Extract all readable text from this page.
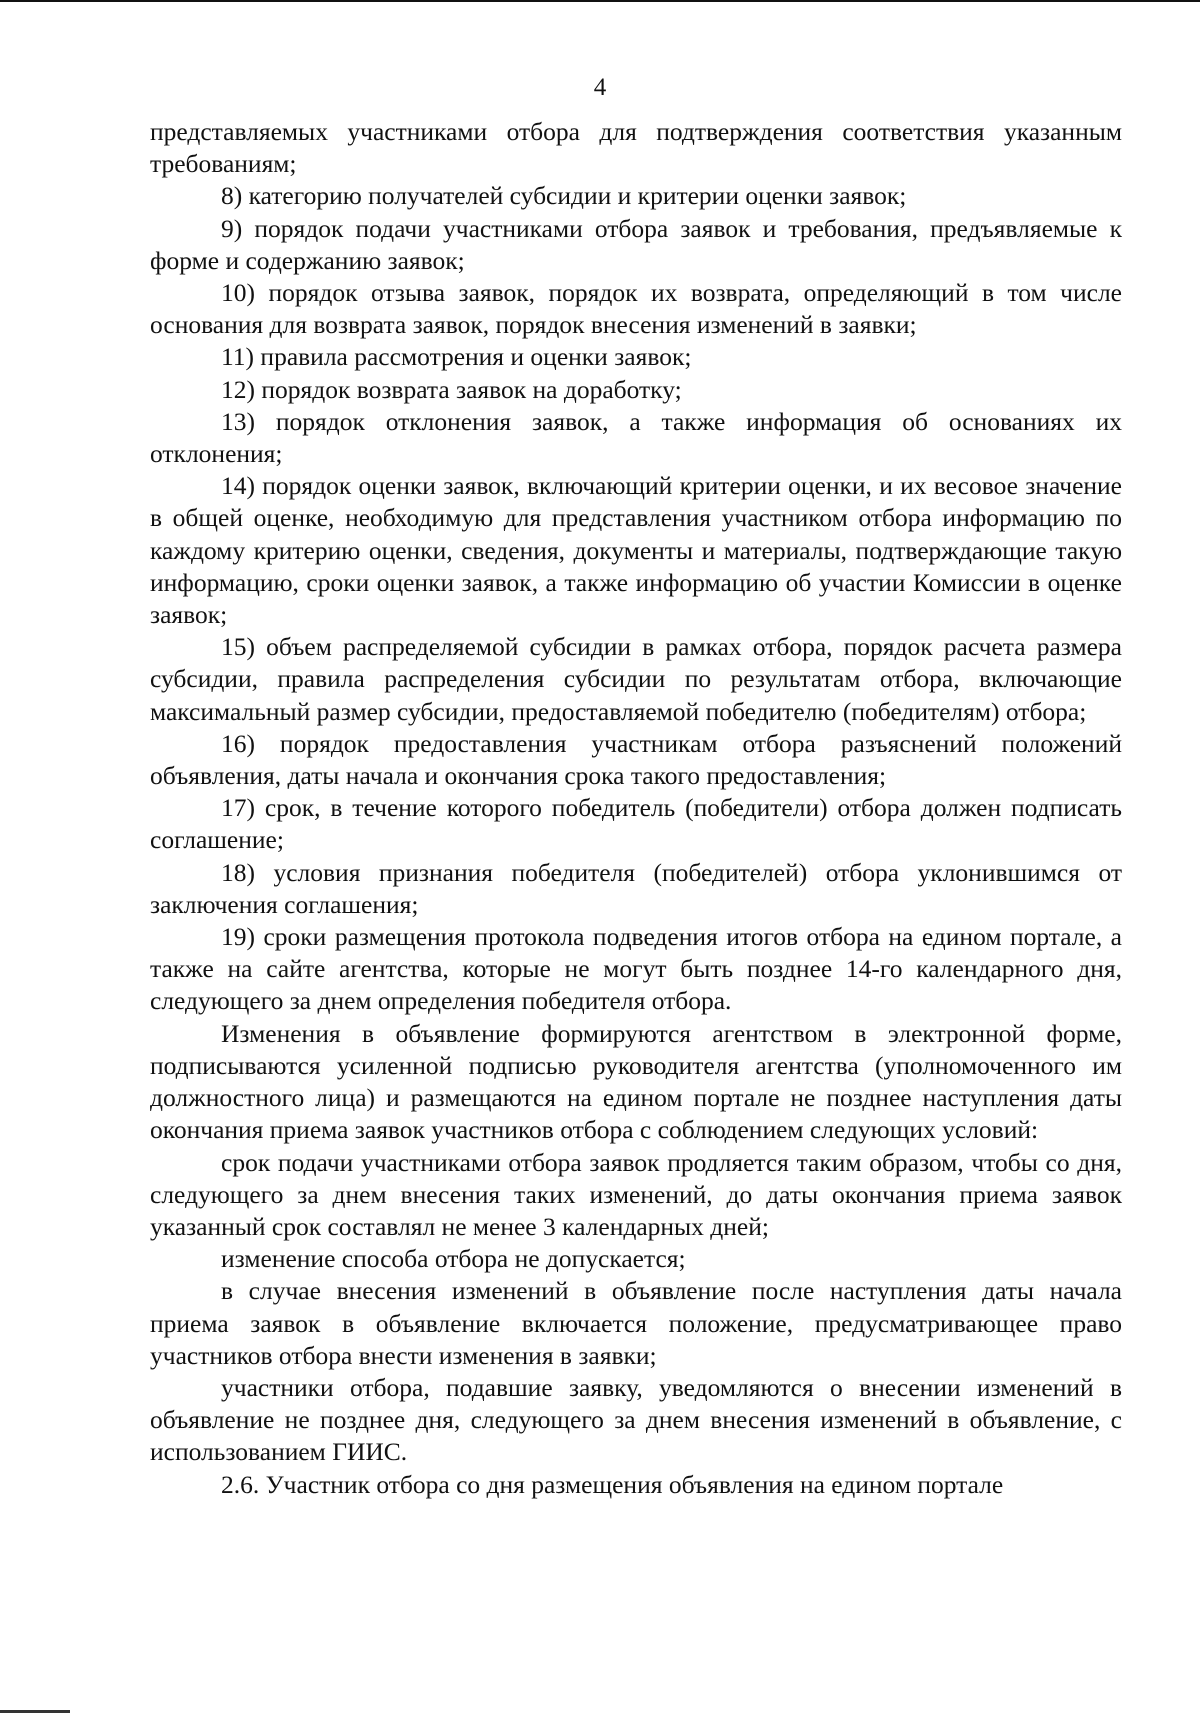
4

представляемых участниками отбора для подтверждения соответствия указанным требованиям;

8) категорию получателей субсидии и критерии оценки заявок;

9) порядок подачи участниками отбора заявок и требования, предъявляемые к форме и содержанию заявок;

10) порядок отзыва заявок, порядок их возврата, определяющий в том числе основания для возврата заявок, порядок внесения изменений в заявки;

11) правила рассмотрения и оценки заявок;

12) порядок возврата заявок на доработку;

13) порядок отклонения заявок, а также информация об основаниях их отклонения;

14) порядок оценки заявок, включающий критерии оценки, и их весовое значение в общей оценке, необходимую для представления участником отбора информацию по каждому критерию оценки, сведения, документы и материалы, подтверждающие такую информацию, сроки оценки заявок, а также информацию об участии Комиссии в оценке заявок;

15) объем распределяемой субсидии в рамках отбора, порядок расчета размера субсидии, правила распределения субсидии по результатам отбора, включающие максимальный размер субсидии, предоставляемой победителю (победителям) отбора;

16) порядок предоставления участникам отбора разъяснений положений объявления, даты начала и окончания срока такого предоставления;

17) срок, в течение которого победитель (победители) отбора должен подписать соглашение;

18) условия признания победителя (победителей) отбора уклонившимся от заключения соглашения;

19) сроки размещения протокола подведения итогов отбора на едином портале, а также на сайте агентства, которые не могут быть позднее 14-го календарного дня, следующего за днем определения победителя отбора.

Изменения в объявление формируются агентством в электронной форме, подписываются усиленной подписью руководителя агентства (уполномоченного им должностного лица) и размещаются на едином портале не позднее наступления даты окончания приема заявок участников отбора с соблюдением следующих условий:

срок подачи участниками отбора заявок продляется таким образом, чтобы со дня, следующего за днем внесения таких изменений, до даты окончания приема заявок указанный срок составлял не менее 3 календарных дней;

изменение способа отбора не допускается;

в случае внесения изменений в объявление после наступления даты начала приема заявок в объявление включается положение, предусматривающее право участников отбора внести изменения в заявки;

участники отбора, подавшие заявку, уведомляются о внесении изменений в объявление не позднее дня, следующего за днем внесения изменений в объявление, с использованием ГИИС.

2.6. Участник отбора со дня размещения объявления на едином портале
